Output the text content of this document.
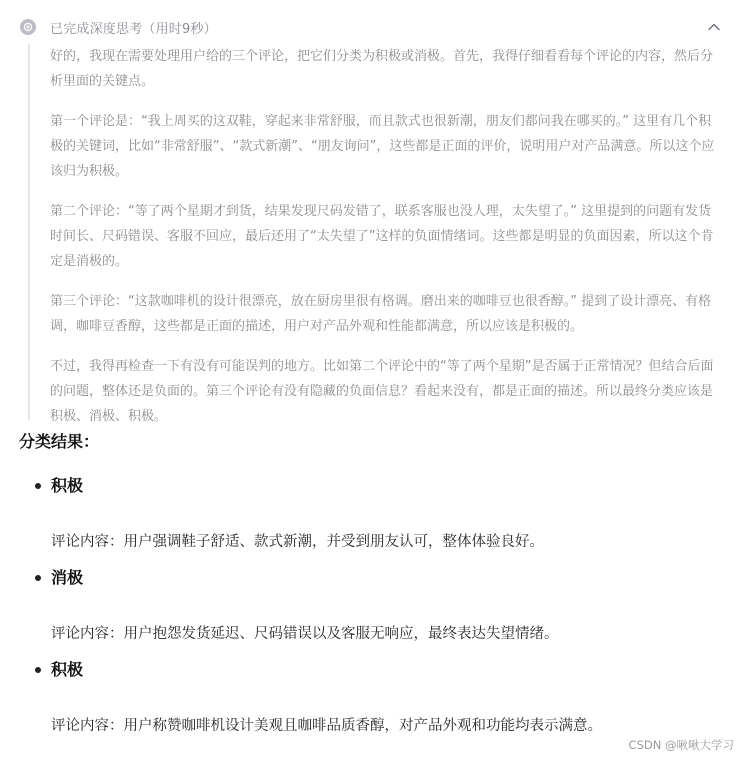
已完成深度思考（用时9秒）

好的，我现在需要处理用户给的三个评论，把它们分类为积极或消极。首先，我得仔细看看每个评论的内容，然后分析里面的关键点。

第一个评论是：“我上周买的这双鞋，穿起来非常舒服，而且款式也很新潮，朋友们都问我在哪买的。” 这里有几个积极的关键词，比如“非常舒服”、“款式新潮”、“朋友询问”，这些都是正面的评价，说明用户对产品满意。所以这个应该归为积极。

第二个评论：“等了两个星期才到货，结果发现尺码发错了，联系客服也没人理，太失望了。” 这里提到的问题有发货时间长、尺码错误、客服不回应，最后还用了“太失望了”这样的负面情绪词。这些都是明显的负面因素，所以这个肯定是消极的。

第三个评论：“这款咖啡机的设计很漂亮，放在厨房里很有格调。磨出来的咖啡豆也很香醇。” 提到了设计漂亮、有格调，咖啡豆香醇，这些都是正面的描述，用户对产品外观和性能都满意，所以应该是积极的。

不过，我得再检查一下有没有可能误判的地方。比如第二个评论中的“等了两个星期”是否属于正常情况？但结合后面的问题，整体还是负面的。第三个评论有没有隐藏的负面信息？看起来没有，都是正面的描述。所以最终分类应该是积极、消极、积极。

分类结果：

积极

评论内容：用户强调鞋子舒适、款式新潮，并受到朋友认可，整体体验良好。

消极

评论内容：用户抱怨发货延迟、尺码错误以及客服无响应，最终表达失望情绪。

积极

评论内容：用户称赞咖啡机设计美观且咖啡品质香醇，对产品外观和功能均表示满意。

CSDN @啾啾大学习
